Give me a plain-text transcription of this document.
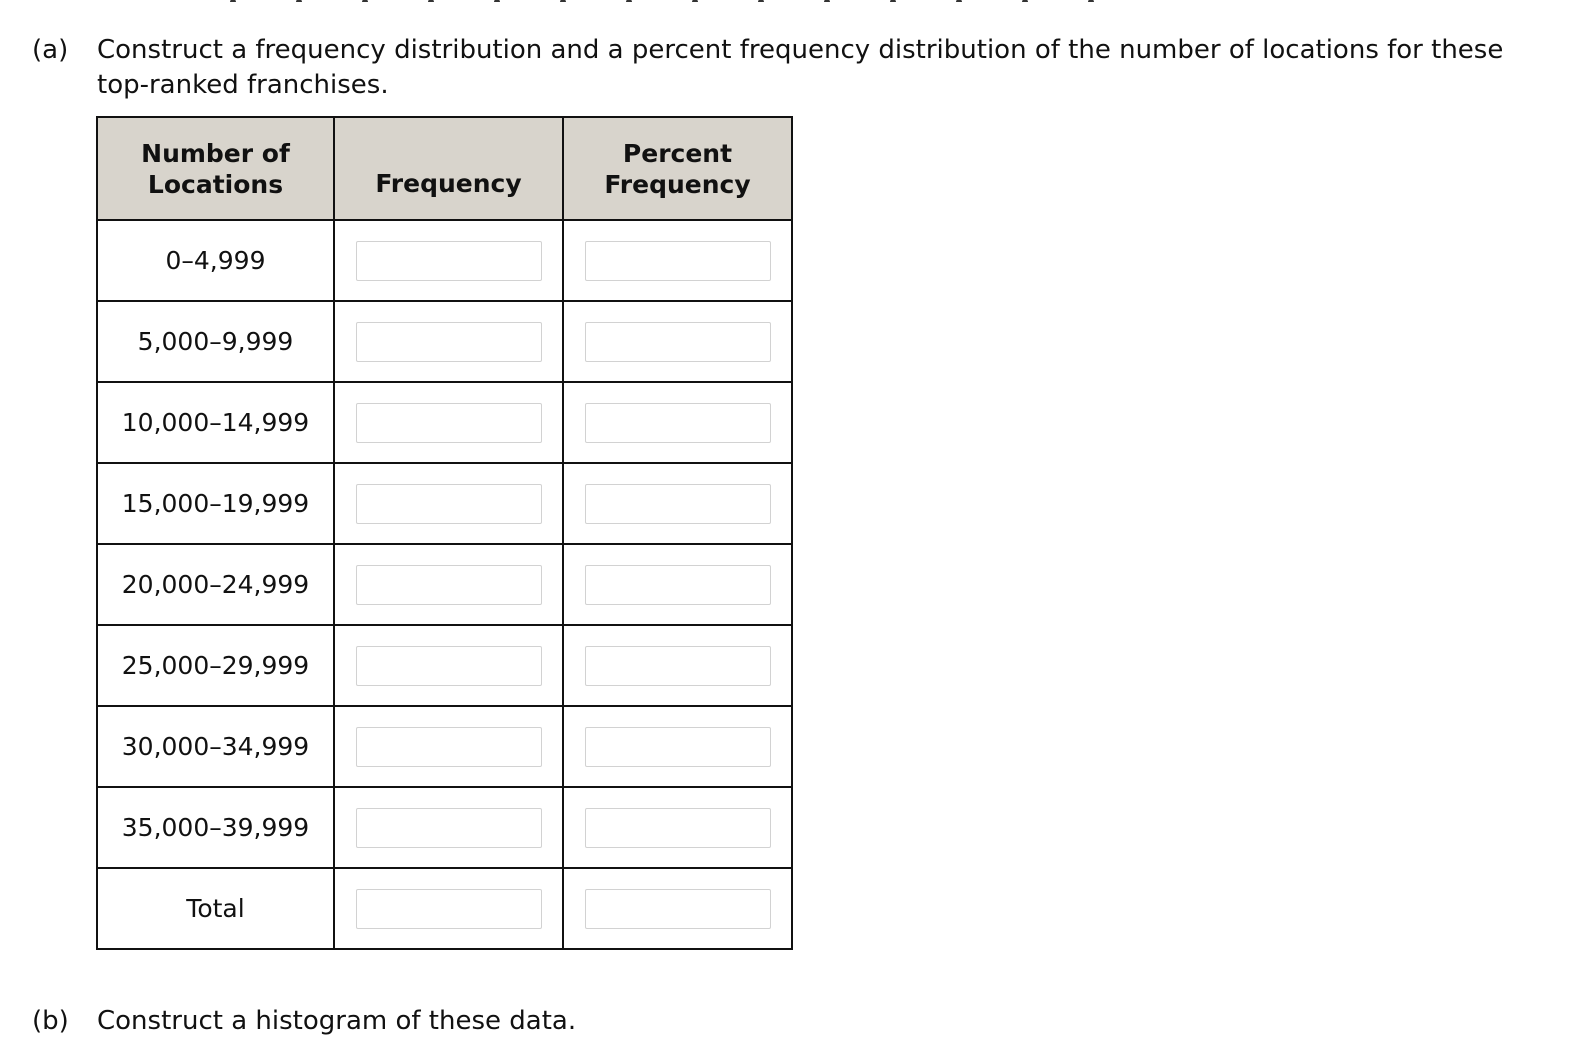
(a) Construct a frequency distribution and a percent frequency distribution of the number of locations for these top-ranked franchises.
Number of Locations	Frequency	Percent Frequency
0–4,999	

5,000–9,999	

10,000–14,999	

15,000–19,999	

20,000–24,999	

25,000–29,999	

30,000–34,999	

35,000–39,999	

Total	

(b) Construct a histogram of these data.
